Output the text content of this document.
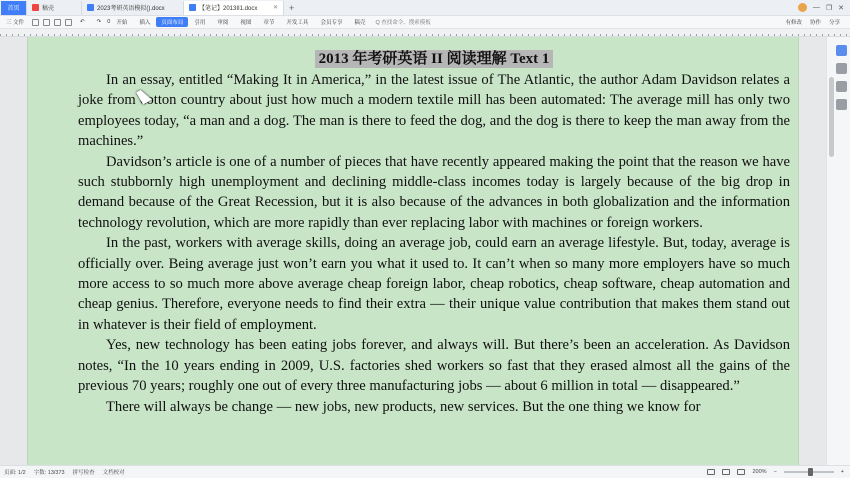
首页	稿壳	2023考研英语模拟().docx	【笔记】2013II1.docx	✕	+	— ❐ ✕
三 文件	↶	↷	0	开始	插入	页面布局	引用	审阅	视图	章节	开发工具	会员专享	稿壳	Q 查找命令、搜索模板	有修改 协作 分享
2013 年考研英语 II 阅读理解 Text 1

In an essay, entitled “Making It in America,” in the latest issue of The Atlantic, the author Adam Davidson relates a joke from cotton country about just how much a modern textile mill has been automated: The average mill has only two employees today, “a man and a dog. The man is there to feed the dog, and the dog is there to keep the man away from the machines.”

Davidson’s article is one of a number of pieces that have recently appeared making the point that the reason we have such stubbornly high unemployment and declining middle-class incomes today is largely because of the big drop in demand because of the Great Recession, but it is also because of the advances in both globalization and the information technology revolution, which are more rapidly than ever replacing labor with machines or foreign workers.

In the past, workers with average skills, doing an average job, could earn an average lifestyle. But, today, average is officially over. Being average just won’t earn you what it used to. It can’t when so many more employers have so much more access to so much more above average cheap foreign labor, cheap robotics, cheap software, cheap automation and cheap genius. Therefore, everyone needs to find their extra — their unique value contribution that makes them stand out in whatever is their field of employment.

Yes, new technology has been eating jobs forever, and always will. But there’s been an acceleration. As Davidson notes, “In the 10 years ending in 2009, U.S. factories shed workers so fast that they erased almost all the gains of the previous 70 years; roughly one out of every three manufacturing jobs — about 6 million in total — disappeared.”

There will always be change — new jobs, new products, new services. But the one thing we know for

页面: 1/2 字数: 13/373 拼写检查 文档校对	200% −	+
